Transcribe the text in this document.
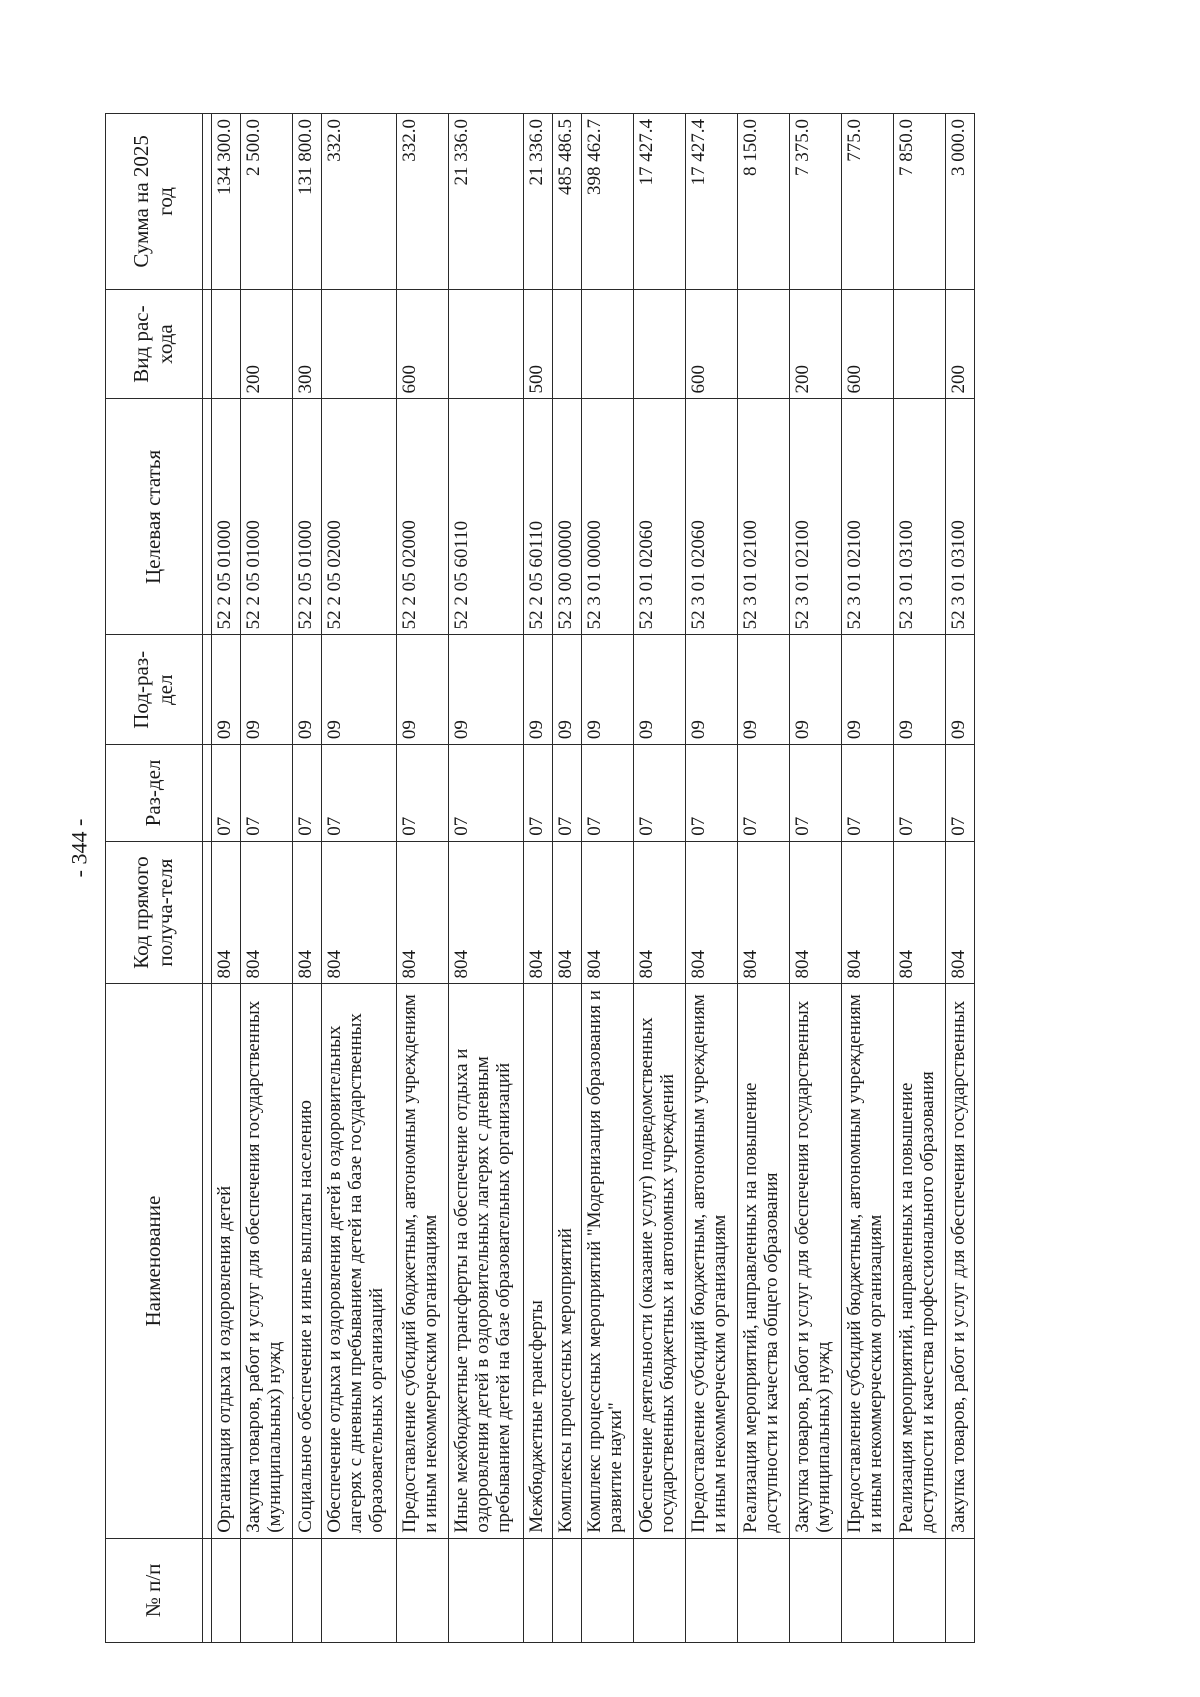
- 344 -
,
№ п/п	Наименование	Код прямого получа-теля	Раз-дел	Под-раз-дел	Целевая статья	Вид рас-хода	Сумма на 2025 год

	Организация отдыха и оздоровления детей	804	07	09	52 2 05 01000		134 300.0
	Закупка товаров, работ и услуг для обеспечения государственных (муниципальных) нужд	804	07	09	52 2 05 01000	200	2 500.0
	Социальное обеспечение и иные выплаты населению	804	07	09	52 2 05 01000	300	131 800.0
	Обеспечение отдыха и оздоровления детей в оздоровительных лагерях с дневным пребыванием детей на базе государственных образовательных организаций	804	07	09	52 2 05 02000		332.0
	Предоставление субсидий бюджетным, автономным учреждениям и иным некоммерческим организациям	804	07	09	52 2 05 02000	600	332.0
	Иные межбюджетные трансферты на обеспечение отдыха и оздоровления детей в оздоровительных лагерях с дневным пребыванием детей на базе образовательных организаций	804	07	09	52 2 05 60110		21 336.0
	Межбюджетные трансферты	804	07	09	52 2 05 60110	500	21 336.0
	Комплексы процессных мероприятий	804	07	09	52 3 00 00000		485 486.5
	Комплекс процессных мероприятий "Модернизация образования и развитие науки"	804	07	09	52 3 01 00000		398 462.7
	Обеспечение деятельности (оказание услуг) подведомственных государственных бюджетных и автономных учреждений	804	07	09	52 3 01 02060		17 427.4
	Предоставление субсидий бюджетным, автономным учреждениям и иным некоммерческим организациям	804	07	09	52 3 01 02060	600	17 427.4
	Реализация мероприятий, направленных на повышение доступности и качества общего образования	804	07	09	52 3 01 02100		8 150.0
	Закупка товаров, работ и услуг для обеспечения государственных (муниципальных) нужд	804	07	09	52 3 01 02100	200	7 375.0
	Предоставление субсидий бюджетным, автономным учреждениям и иным некоммерческим организациям	804	07	09	52 3 01 02100	600	775.0
	Реализация мероприятий, направленных на повышение доступности и качества профессионального образования	804	07	09	52 3 01 03100		7 850.0
	Закупка товаров, работ и услуг для обеспечения государственных	804	07	09	52 3 01 03100	200	3 000.0
